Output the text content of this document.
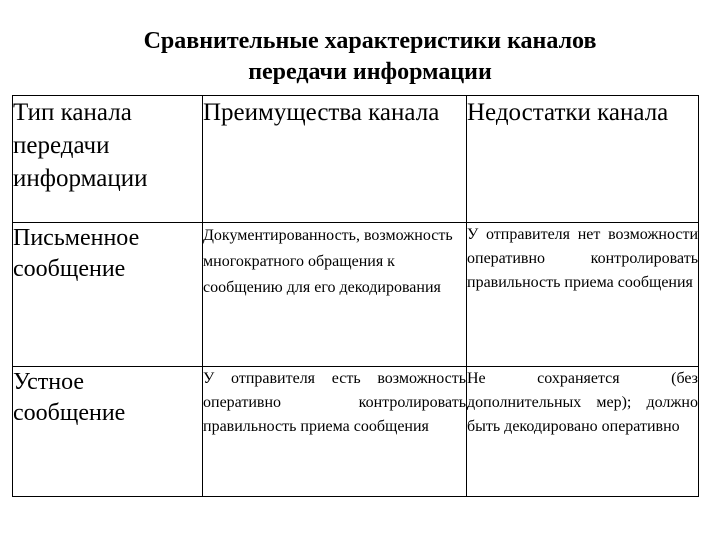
Сравнительные характеристики каналов
передачи информации
Тип канала передачи информации	Преимущества канала	Недостатки канала
Письменное сообщение	Документированность, возможность многократного обращения к сообщению для его декодирования	У отправителя нет возможности оперативно контролировать правильность приема сообщения
Устное сообщение	У отправителя есть возможность оперативно контролировать правильность приема сообщения	Не сохраняется (без дополнительных мер); должно быть декодировано оперативно
